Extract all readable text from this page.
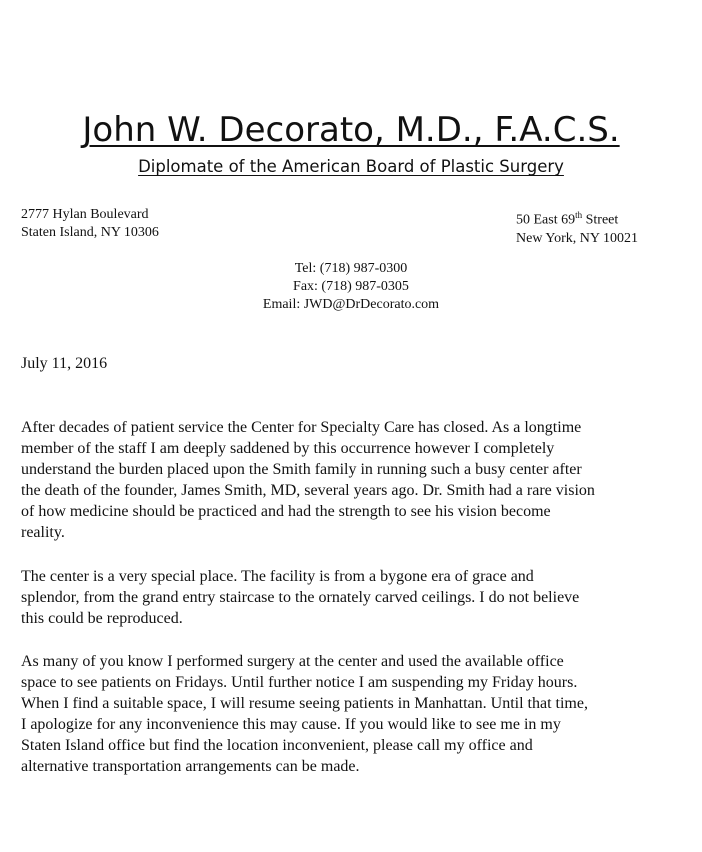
John W. Decorato, M.D., F.A.C.S.
Diplomate of the American Board of Plastic Surgery
2777 Hylan Boulevard
Staten Island, NY 10306
50 East 69th Street
New York, NY 10021
Tel: (718) 987-0300
Fax: (718) 987-0305
Email: JWD@DrDecorato.com
July 11, 2016
After decades of patient service the Center for Specialty Care has closed. As a longtime
member of the staff I am deeply saddened by this occurrence however I completely
understand the burden placed upon the Smith family in running such a busy center after
the death of the founder, James Smith, MD, several years ago. Dr. Smith had a rare vision
of how medicine should be practiced and had the strength to see his vision become
reality.
The center is a very special place. The facility is from a bygone era of grace and
splendor, from the grand entry staircase to the ornately carved ceilings. I do not believe
this could be reproduced.
As many of you know I performed surgery at the center and used the available office
space to see patients on Fridays. Until further notice I am suspending my Friday hours.
When I find a suitable space, I will resume seeing patients in Manhattan. Until that time,
I apologize for any inconvenience this may cause. If you would like to see me in my
Staten Island office but find the location inconvenient, please call my office and
alternative transportation arrangements can be made.
